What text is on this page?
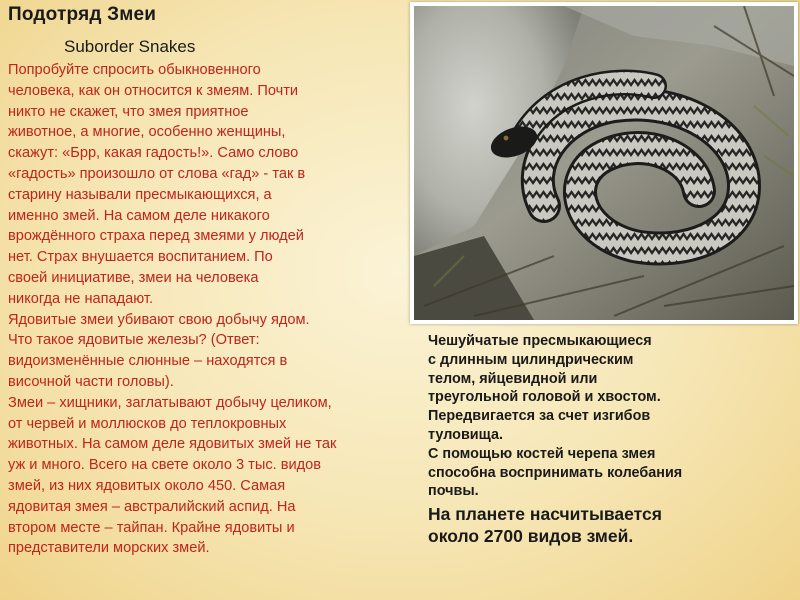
Подотряд Змеи
Suborder Snakes

Попробуйте спросить обыкновенного
человека, как он относится к змеям. Почти
никто не скажет, что змея приятное
животное, а многие, особенно женщины,
скажут: «Брр, какая гадость!». Само слово
«гадость» произошло от слова «гад» - так в
старину называли пресмыкающихся, а
именно змей. На самом деле никакого
врождённого страха перед змеями у людей
нет. Страх внушается воспитанием. По
своей инициативе, змеи на человека
никогда не нападают.

Ядовитые змеи убивают свою добычу ядом.
Что такое ядовитые железы? (Ответ:
видоизменённые слюнные – находятся в
височной части головы).

Змеи – хищники, заглатывают добычу целиком,
от червей и моллюсков до теплокровных
животных. На самом деле ядовитых змей не так
уж и много. Всего на свете около 3 тыс. видов
змей, из них ядовитых около 450. Самая
ядовитая змея – австралийский аспид. На
втором месте – тайпан. Крайне ядовиты и
представители морских змей.

Чешуйчатые пресмыкающиеся
с длинным цилиндрическим
телом, яйцевидной или
треугольной головой и хвостом.

Передвигается за счет изгибов
туловища.

С помощью костей черепа змея
способна воспринимать колебания
почвы.

На планете насчитывается
около 2700 видов змей.
